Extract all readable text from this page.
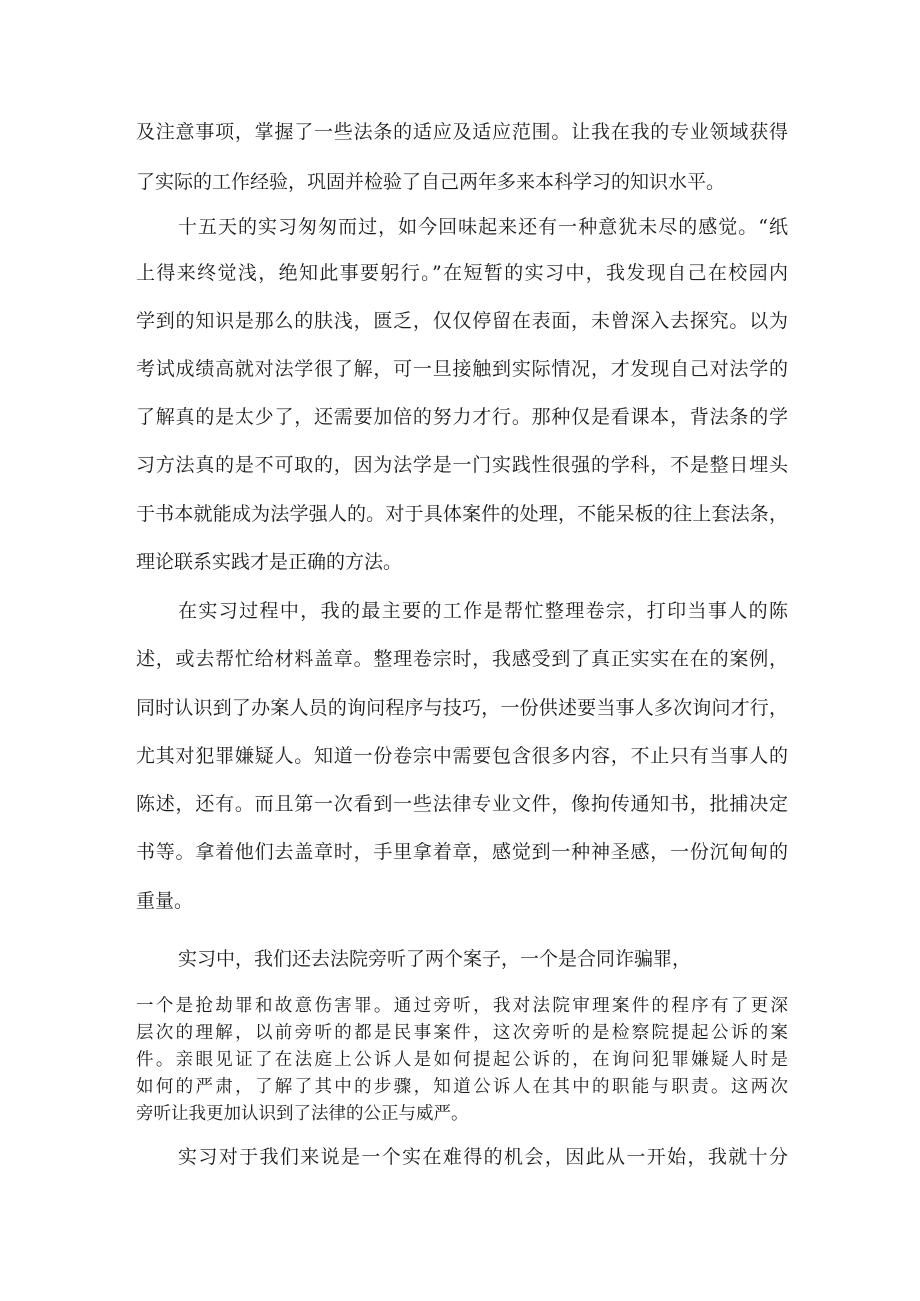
及注意事项，掌握了一些法条的适应及适应范围。让我在我的专业领域获得
了实际的工作经验，巩固并检验了自己两年多来本科学习的知识水平。
十五天的实习匆匆而过，如今回味起来还有一种意犹未尽的感觉。“纸
上得来终觉浅，绝知此事要躬行。”在短暂的实习中，我发现自己在校园内
学到的知识是那么的肤浅，匮乏，仅仅停留在表面，未曾深入去探究。以为
考试成绩高就对法学很了解，可一旦接触到实际情况，才发现自己对法学的
了解真的是太少了，还需要加倍的努力才行。那种仅是看课本，背法条的学
习方法真的是不可取的，因为法学是一门实践性很强的学科，不是整日埋头
于书本就能成为法学强人的。对于具体案件的处理，不能呆板的往上套法条，
理论联系实践才是正确的方法。
在实习过程中，我的最主要的工作是帮忙整理卷宗，打印当事人的陈
述，或去帮忙给材料盖章。整理卷宗时，我感受到了真正实实在在的案例，
同时认识到了办案人员的询问程序与技巧，一份供述要当事人多次询问才行，
尤其对犯罪嫌疑人。知道一份卷宗中需要包含很多内容，不止只有当事人的
陈述，还有。而且第一次看到一些法律专业文件，像拘传通知书，批捕决定
书等。拿着他们去盖章时，手里拿着章，感觉到一种神圣感，一份沉甸甸的
重量。
实习中，我们还去法院旁听了两个案子，一个是合同诈骗罪，
一个是抢劫罪和故意伤害罪。通过旁听，我对法院审理案件的程序有了更深
层次的理解，以前旁听的都是民事案件，这次旁听的是检察院提起公诉的案
件。亲眼见证了在法庭上公诉人是如何提起公诉的，在询问犯罪嫌疑人时是
如何的严肃，了解了其中的步骤，知道公诉人在其中的职能与职责。这两次
旁听让我更加认识到了法律的公正与威严。
实习对于我们来说是一个实在难得的机会，因此从一开始，我就十分
